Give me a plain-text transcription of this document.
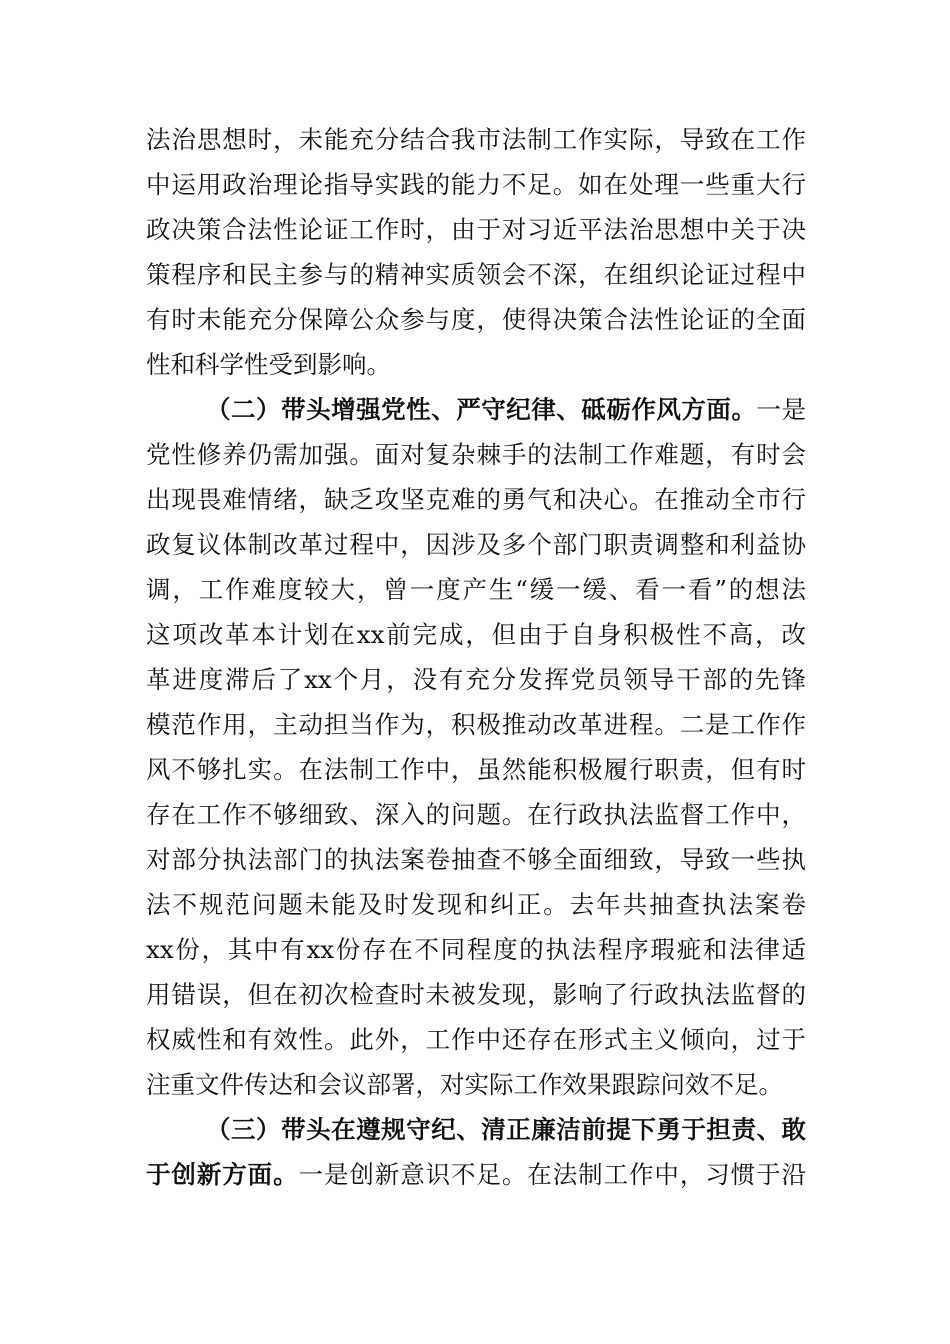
法治思想时，未能充分结合我市法制工作实际，导致在工作
中运用政治理论指导实践的能力不足。如在处理一些重大行
政决策合法性论证工作时，由于对习近平法治思想中关于决
策程序和民主参与的精神实质领会不深，在组织论证过程中
有时未能充分保障公众参与度，使得决策合法性论证的全面
性和科学性受到影响。
（二）带头增强党性、严守纪律、砥砺作风方面。一是
党性修养仍需加强。面对复杂棘手的法制工作难题，有时会
出现畏难情绪，缺乏攻坚克难的勇气和决心。在推动全市行
政复议体制改革过程中，因涉及多个部门职责调整和利益协
调，工作难度较大，曾一度产生“缓一缓、看一看”的想法
这项改革本计划在xx前完成，但由于自身积极性不高，改
革进度滞后了xx个月，没有充分发挥党员领导干部的先锋
模范作用，主动担当作为，积极推动改革进程。二是工作作
风不够扎实。在法制工作中，虽然能积极履行职责，但有时
存在工作不够细致、深入的问题。在行政执法监督工作中，
对部分执法部门的执法案卷抽查不够全面细致，导致一些执
法不规范问题未能及时发现和纠正。去年共抽查执法案卷
xx份，其中有xx份存在不同程度的执法程序瑕疵和法律适
用错误，但在初次检查时未被发现，影响了行政执法监督的
权威性和有效性。此外，工作中还存在形式主义倾向，过于
注重文件传达和会议部署，对实际工作效果跟踪问效不足。
（三）带头在遵规守纪、清正廉洁前提下勇于担责、敢
于创新方面。一是创新意识不足。在法制工作中，习惯于沿
